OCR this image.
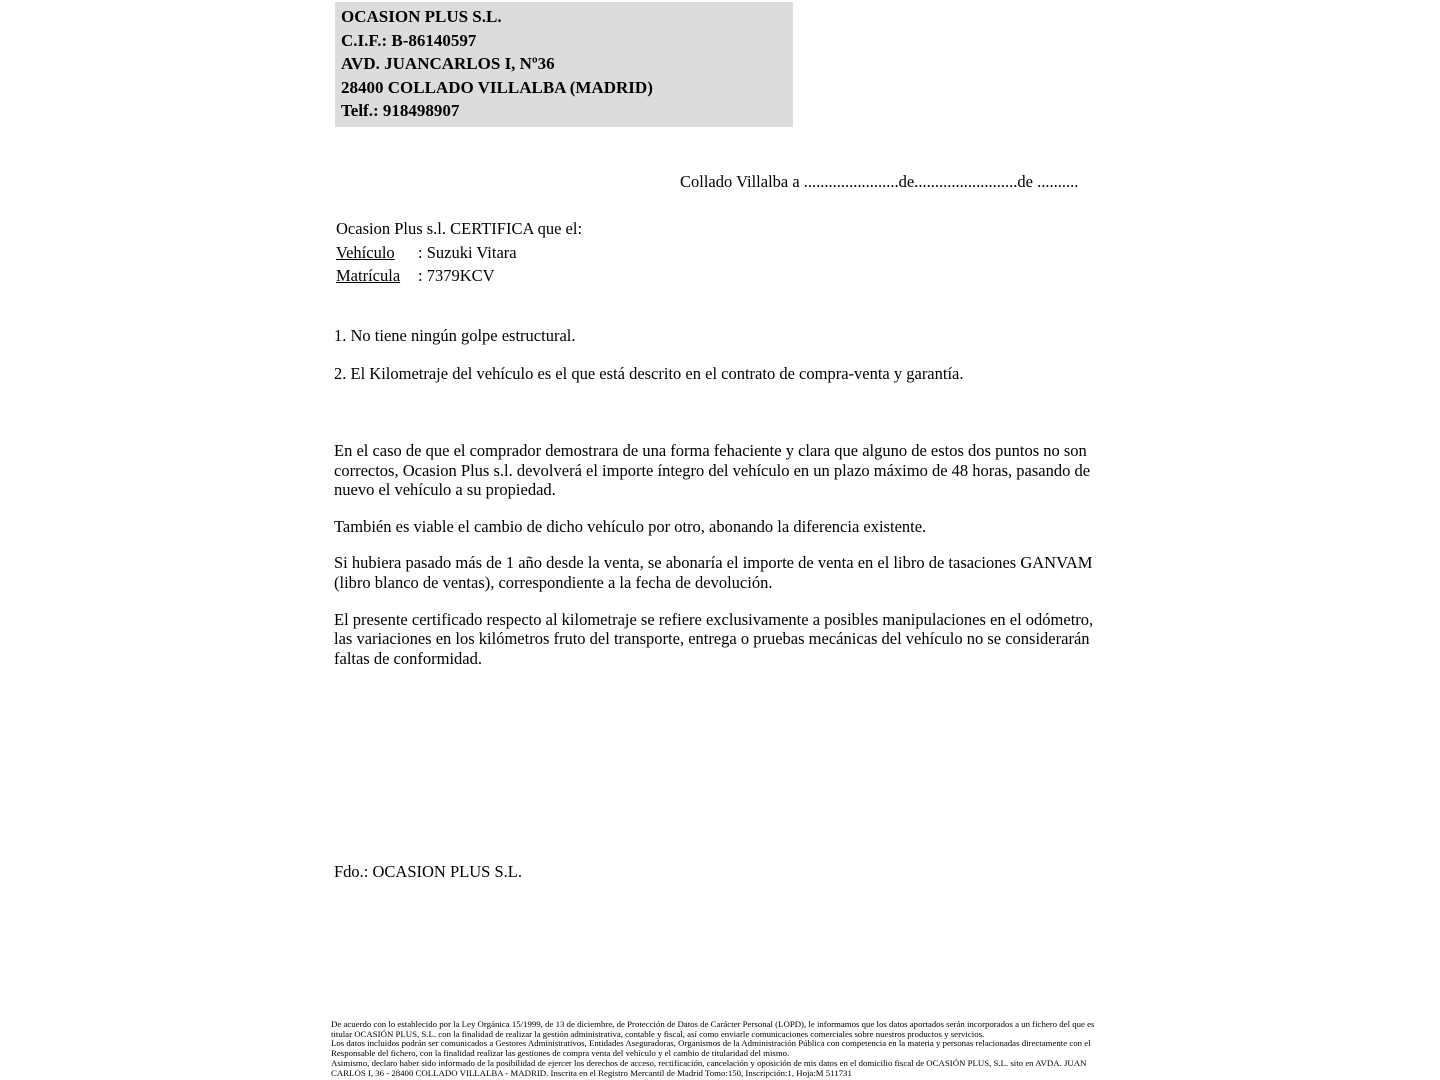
OCASION PLUS S.L.
C.I.F.: B-86140597
AVD. JUANCARLOS I, Nº36
28400 COLLADO VILLALBA (MADRID)
Telf.: 918498907
Collado Villalba a .......................de.........................de ..........
Ocasion Plus s.l. CERTIFICA que el:
Vehículo : Suzuki Vitara
Matrícula : 7379KCV
1. No tiene ningún golpe estructural.
2. El Kilometraje del vehículo es el que está descrito en el contrato de compra-venta y garantía.

En el caso de que el comprador demostrara de una forma fehaciente y clara que alguno de estos dos puntos no son correctos, Ocasion Plus s.l. devolverá el importe íntegro del vehículo en un plazo máximo de 48 horas, pasando de nuevo el vehículo a su propiedad.

También es viable el cambio de dicho vehículo por otro, abonando la diferencia existente.

Si hubiera pasado más de 1 año desde la venta, se abonaría el importe de venta en el libro de tasaciones GANVAM (libro blanco de ventas), correspondiente a la fecha de devolución.

El presente certificado respecto al kilometraje se refiere exclusivamente a posibles manipulaciones en el odómetro, las variaciones en los kilómetros fruto del transporte, entrega o pruebas mecánicas del vehículo no se considerarán faltas de conformidad.

Fdo.: OCASION PLUS S.L.
De acuerdo con lo establecido por la Ley Orgánica 15/1999, de 13 de diciembre, de Protección de Datos de Carácter Personal (LOPD), le informamos que los datos aportados serán incorporados a un fichero del que es titular OCASIÓN PLUS, S.L. con la finalidad de realizar la gestión administrativa, contable y fiscal, así como enviarle comunicaciones comerciales sobre nuestros productos y servicios.
Los datos incluidos podrán ser comunicados a Gestores Administrativos, Entidades Aseguradoras, Organismos de la Administración Pública con competencia en la materia y personas relacionadas directamente con el Responsable del fichero, con la finalidad realizar las gestiones de compra venta del vehículo y el cambio de titularidad del mismo.
Asimismo, declaro haber sido informado de la posibilidad de ejercer los derechos de acceso, rectificación, cancelación y oposición de mis datos en el domicilio fiscal de OCASIÓN PLUS, S.L. sito en AVDA. JUAN CARLOS I, 36 - 28400 COLLADO VILLALBA - MADRID. Inscrita en el Registro Mercantil de Madrid Tomo:150, Inscripción:1, Hoja:M 511731
